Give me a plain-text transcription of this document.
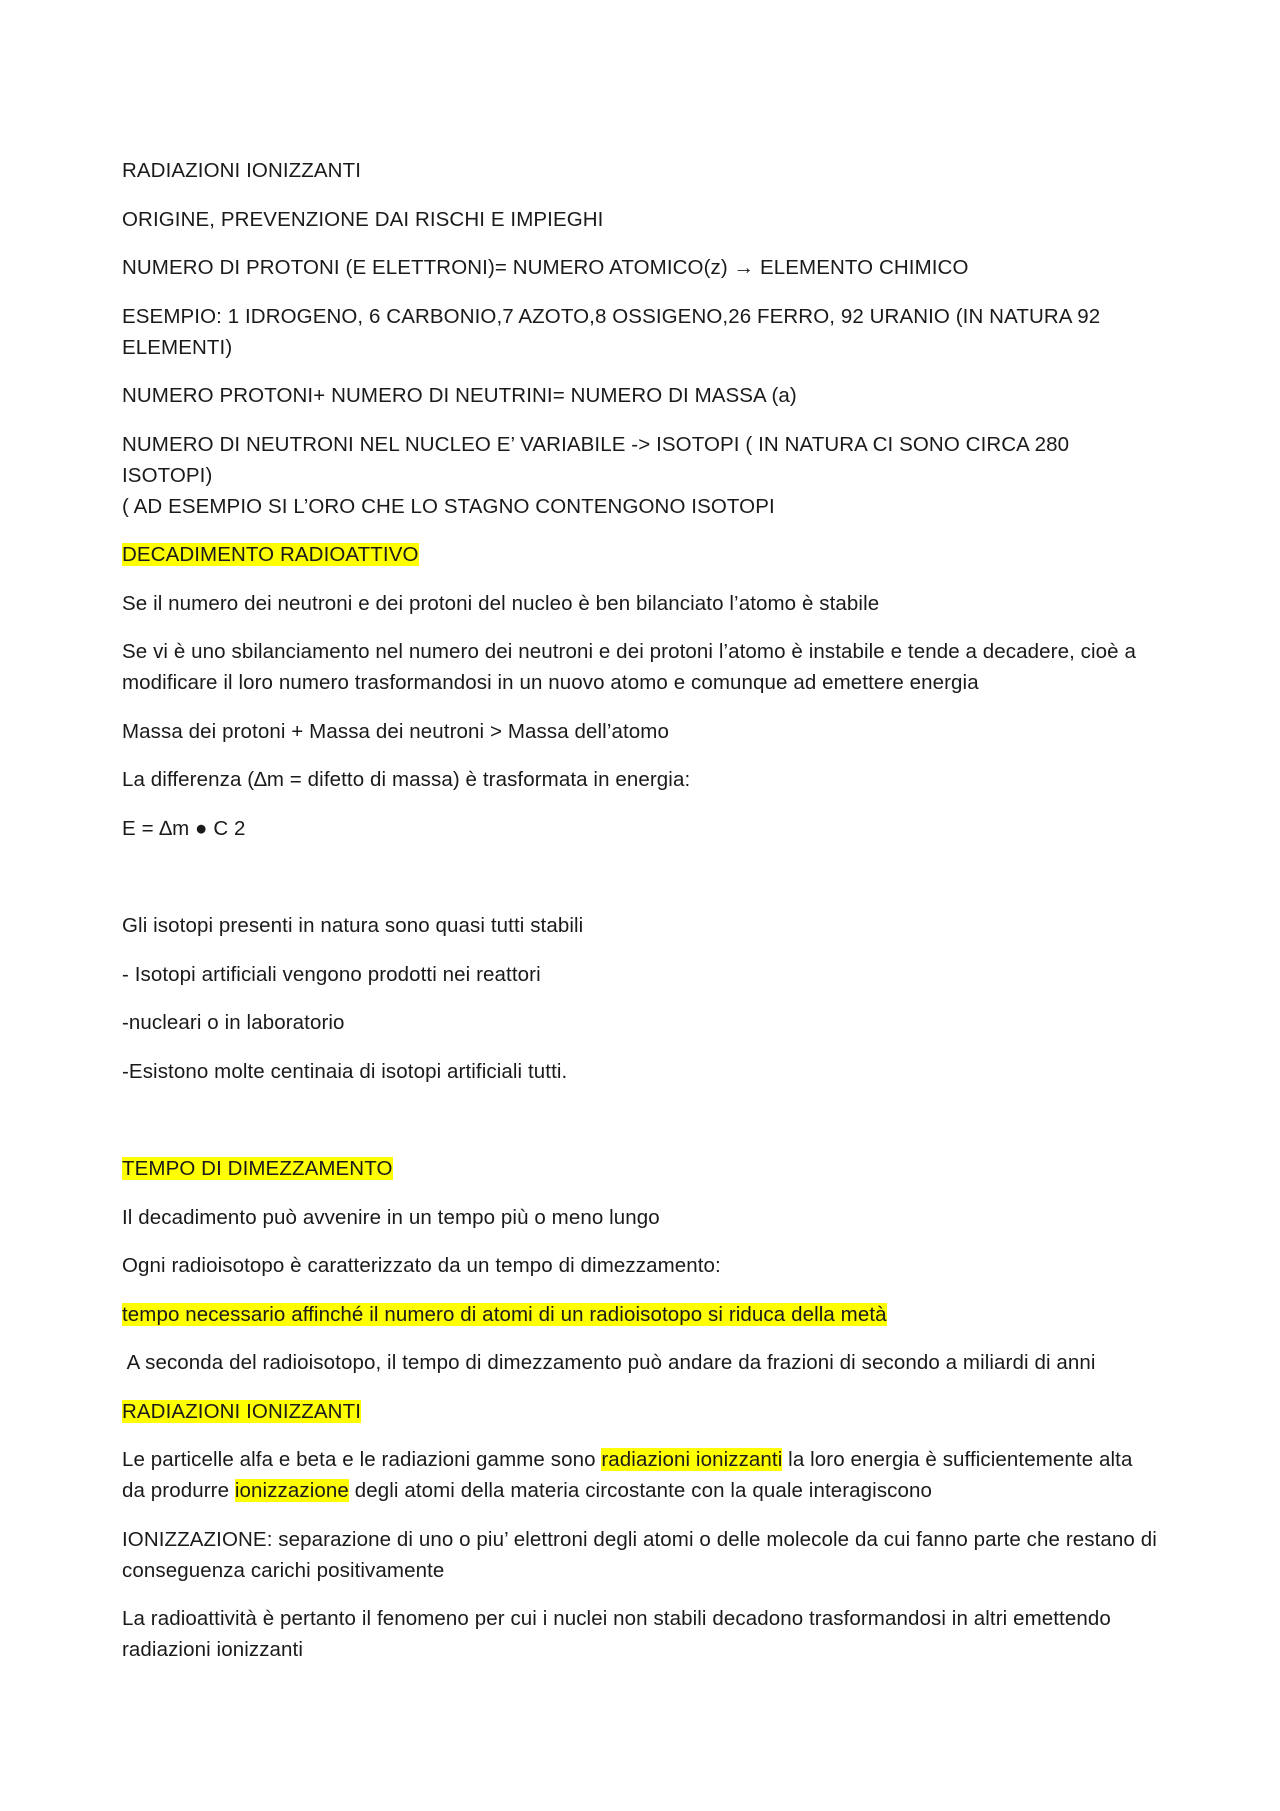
RADIAZIONI IONIZZANTI

ORIGINE, PREVENZIONE DAI RISCHI E IMPIEGHI

NUMERO DI PROTONI (E ELETTRONI)= NUMERO ATOMICO(z) → ELEMENTO CHIMICO

ESEMPIO: 1 IDROGENO, 6 CARBONIO,7 AZOTO,8 OSSIGENO,26 FERRO, 92 URANIO (IN NATURA 92 ELEMENTI)

NUMERO PROTONI+ NUMERO DI NEUTRINI= NUMERO DI MASSA (a)

NUMERO DI NEUTRONI NEL NUCLEO E’ VARIABILE -> ISOTOPI ( IN NATURA CI SONO CIRCA 280 ISOTOPI)
( AD ESEMPIO SI L’ORO CHE LO STAGNO CONTENGONO ISOTOPI

DECADIMENTO RADIOATTIVO

Se il numero dei neutroni e dei protoni del nucleo è ben bilanciato l’atomo è stabile

Se vi è uno sbilanciamento nel numero dei neutroni e dei protoni l’atomo è instabile e tende a decadere, cioè a modificare il loro numero trasformandosi in un nuovo atomo e comunque ad emettere energia

Massa dei protoni + Massa dei neutroni > Massa dell’atomo

La differenza (∆m = difetto di massa) è trasformata in energia:

E = ∆m ● C 2

Gli isotopi presenti in natura sono quasi tutti stabili

- Isotopi artificiali vengono prodotti nei reattori

-nucleari o in laboratorio

-Esistono molte centinaia di isotopi artificiali tutti.

TEMPO DI DIMEZZAMENTO

Il decadimento può avvenire in un tempo più o meno lungo

Ogni radioisotopo è caratterizzato da un tempo di dimezzamento:

tempo necessario affinché il numero di atomi di un radioisotopo si riduca della metà

A seconda del radioisotopo, il tempo di dimezzamento può andare da frazioni di secondo a miliardi di anni

RADIAZIONI IONIZZANTI

Le particelle alfa e beta e le radiazioni gamme sono radiazioni ionizzanti la loro energia è sufficientemente alta da produrre ionizzazione degli atomi della materia circostante con la quale interagiscono

IONIZZAZIONE: separazione di uno o piu’ elettroni degli atomi o delle molecole da cui fanno parte che restano di conseguenza carichi positivamente

La radioattività è pertanto il fenomeno per cui i nuclei non stabili decadono trasformandosi in altri emettendo radiazioni ionizzanti
